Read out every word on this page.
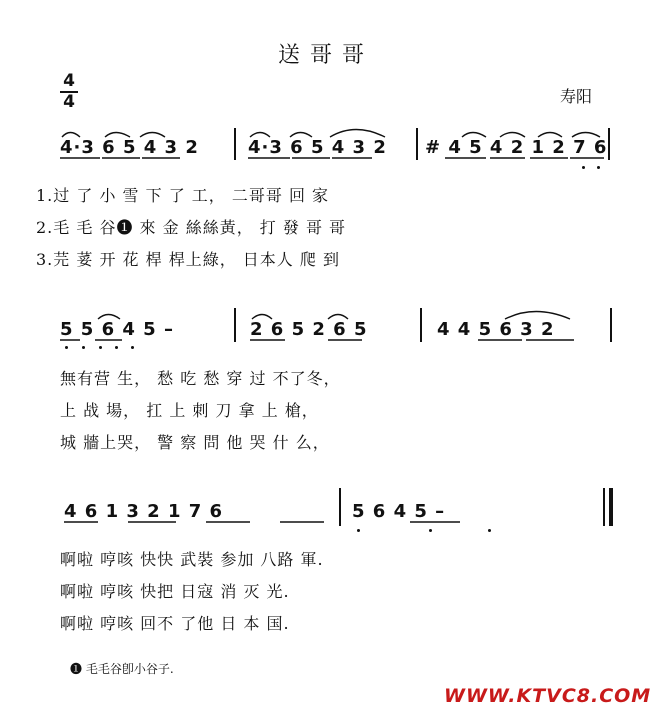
送哥哥
4
4	寿阳
4·3 6 5 4 3 2	4·3 6 5 4 3 2 # 4 5 4 2 1 2 7 6
1.过 了 小 雪 下 了 工， 二哥哥 回 家
2.毛 毛 谷❶ 來 金 絲絲黃， 打 發 哥 哥
3.芫 荽 开 花 桿 桿上綠， 日本人 爬 到
5 5 6 4 5 –	2 6 5 2 6 5	4 4 5 6 3 2
無有营 生， 愁 吃 愁 穿 过 不了冬，
上 战 場， 扛 上 刺 刀 拿 上 槍，
城 牆上哭， 警 察 問 他 哭 什 么，
4 6 1 3 2 1 7 6	5 6 4 5 –
啊啦 哼咳 快快 武裝 参加 八路 軍.
啊啦 哼咳 快把 日寇 消 灭 光.
啊啦 哼咳 回不 了他 日 本 国.
❶ 毛毛谷卽小谷子.
WWW.KTVC8.COM
